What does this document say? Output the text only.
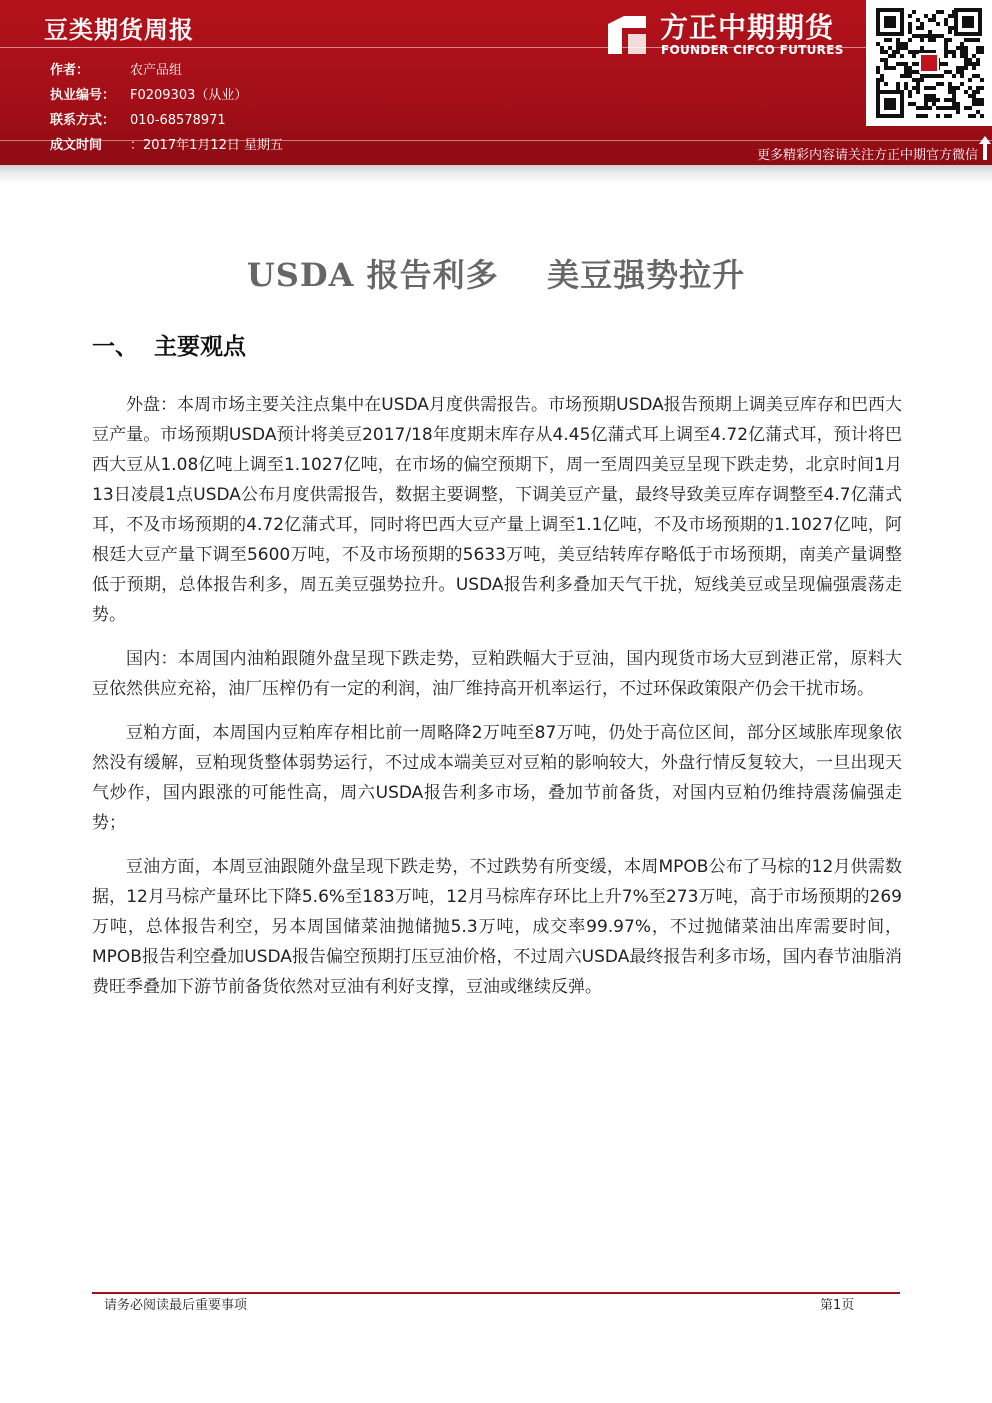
豆类期货周报
作者：	农产品组
执业编号：	F0209303（从业）
联系方式：	010-68578971
成文时间	：2017年1月12日 星期五
方正中期期货
FOUNDER CIFCO FUTURES
更多精彩内容请关注方正中期官方微信
USDA 报告利多    美豆强势拉升
一、  主要观点

外盘：本周市场主要关注点集中在USDA月度供需报告。市场预期USDA报告预期上调美豆库存和巴西大豆产量。市场预期USDA预计将美豆2017/18年度期末库存从4.45亿蒲式耳上调至4.72亿蒲式耳，预计将巴西大豆从1.08亿吨上调至1.1027亿吨，在市场的偏空预期下，周一至周四美豆呈现下跌走势，北京时间1月13日凌晨1点USDA公布月度供需报告，数据主要调整，下调美豆产量，最终导致美豆库存调整至4.7亿蒲式耳，不及市场预期的4.72亿蒲式耳，同时将巴西大豆产量上调至1.1亿吨，不及市场预期的1.1027亿吨，阿根廷大豆产量下调至5600万吨，不及市场预期的5633万吨，美豆结转库存略低于市场预期，南美产量调整低于预期，总体报告利多，周五美豆强势拉升。USDA报告利多叠加天气干扰，短线美豆或呈现偏强震荡走势。

国内：本周国内油粕跟随外盘呈现下跌走势，豆粕跌幅大于豆油，国内现货市场大豆到港正常，原料大豆依然供应充裕，油厂压榨仍有一定的利润，油厂维持高开机率运行，不过环保政策限产仍会干扰市场。

豆粕方面，本周国内豆粕库存相比前一周略降2万吨至87万吨，仍处于高位区间，部分区域胀库现象依然没有缓解，豆粕现货整体弱势运行，不过成本端美豆对豆粕的影响较大，外盘行情反复较大，一旦出现天气炒作，国内跟涨的可能性高，周六USDA报告利多市场，叠加节前备货，对国内豆粕仍维持震荡偏强走势；

豆油方面，本周豆油跟随外盘呈现下跌走势，不过跌势有所变缓，本周MPOB公布了马棕的12月供需数据，12月马棕产量环比下降5.6%至183万吨，12月马棕库存环比上升7%至273万吨，高于市场预期的269万吨，总体报告利空，另本周国储菜油抛储抛5.3万吨，成交率99.97%，不过抛储菜油出库需要时间，MPOB报告利空叠加USDA报告偏空预期打压豆油价格，不过周六USDA最终报告利多市场，国内春节油脂消费旺季叠加下游节前备货依然对豆油有利好支撑，豆油或继续反弹。

请务必阅读最后重要事项	第1页
